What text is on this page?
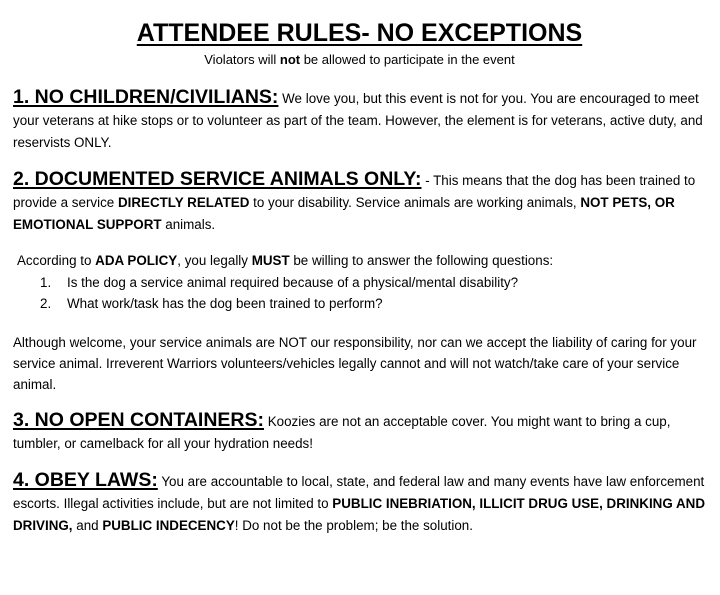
ATTENDEE RULES- NO EXCEPTIONS
Violators will not be allowed to participate in the event

1. NO CHILDREN/CIVILIANS: We love you, but this event is not for you. You are encouraged to meet your veterans at hike stops or to volunteer as part of the team. However, the element is for veterans, active duty, and reservists ONLY.

2. DOCUMENTED SERVICE ANIMALS ONLY: - This means that the dog has been trained to provide a service DIRECTLY RELATED to your disability. Service animals are working animals, NOT PETS, OR EMOTIONAL SUPPORT animals.

According to ADA POLICY, you legally MUST be willing to answer the following questions:

1.	Is the dog a service animal required because of a physical/mental disability?
2.	What work/task has the dog been trained to perform?

Although welcome, your service animals are NOT our responsibility, nor can we accept the liability of caring for your service animal. Irreverent Warriors volunteers/vehicles legally cannot and will not watch/take care of your service animal.

3. NO OPEN CONTAINERS: Koozies are not an acceptable cover. You might want to bring a cup, tumbler, or camelback for all your hydration needs!

4. OBEY LAWS: You are accountable to local, state, and federal law and many events have law enforcement escorts. Illegal activities include, but are not limited to PUBLIC INEBRIATION, ILLICIT DRUG USE, DRINKING AND DRIVING, and PUBLIC INDECENCY! Do not be the problem; be the solution.
